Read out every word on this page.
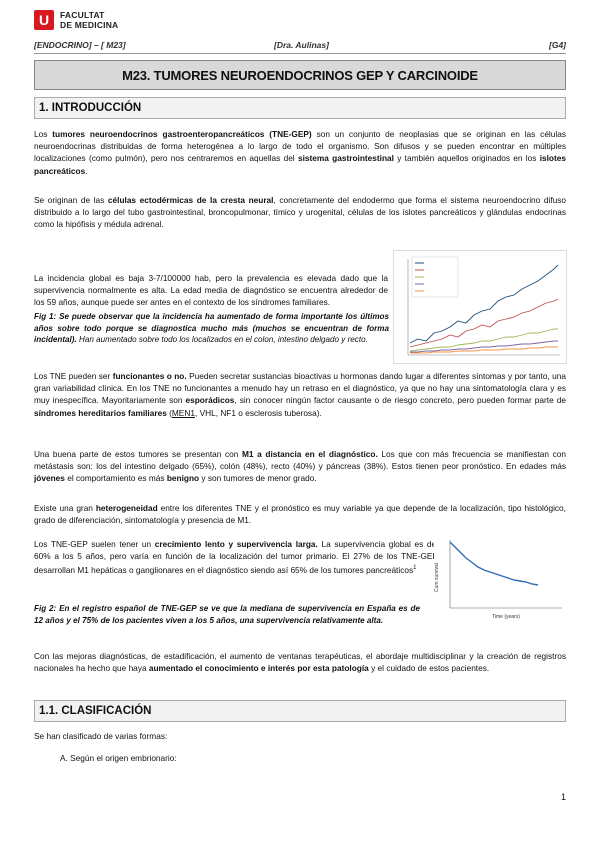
U	FACULTAT
DE MEDICINA
[ENDOCRINO] – [ M23]	[Dra. Aulinas]	[G4]
M23. TUMORES NEUROENDOCRINOS GEP Y CARCINOIDE
1. INTRODUCCIÓN
Los tumores neuroendocrinos gastroenteropancreáticos (TNE-GEP) son un conjunto de neoplasias que se originan en las células neuroendocrinas distribuidas de forma heterogénea a lo largo de todo el organismo. Son difusos y se pueden encontrar en múltiples localizaciones (como pulmón), pero nos centraremos en aquellas del sistema gastrointestinal y también aquellos originados en los islotes pancreáticos.
Se originan de las células ectodérmicas de la cresta neural, concretamente del endodermo que forma el sistema neuroendocrino difuso distribuido a lo largo del tubo gastrointestinal, broncopulmonar, tímico y urogenital, células de los islotes pancreáticos y glándulas endocrinas como la hipófisis y médula adrenal.
La incidencia global es baja 3-7/100000 hab, pero la prevalencia es elevada dado que la supervivencia normalmente es alta. La edad media de diagnóstico se encuentra alrededor de los 59 años, aunque puede ser antes en el contexto de los síndromes familiares.
Fig 1: Se puede observar que la incidencia ha aumentado de forma importante los últimos años sobre todo porque se diagnostica mucho más (muchos se encuentran de forma incidental). Han aumentado sobre todo los localizados en el colon, intestino delgado y recto.
Los TNE pueden ser funcionantes o no. Pueden secretar sustancias bioactivas u hormonas dando lugar a diferentes síntomas y por tanto, una gran variabilidad clínica. En los TNE no funcionantes a menudo hay un retraso en el diagnóstico, ya que no hay una sintomatología clara y es muy inespecífica. Mayoritariamente son esporádicos, sin conocer ningún factor causante o de riesgo concreto, pero pueden formar parte de síndromes hereditarios familiares (MEN1, VHL, NF1 o esclerosis tuberosa).
Una buena parte de estos tumores se presentan con M1 a distancia en el diagnóstico. Los que con más frecuencia se manifiestan con metástasis son: los del intestino delgado (65%), colón (48%), recto (40%) y páncreas (38%). Estos tienen peor pronóstico. En edades más jóvenes el comportamiento es más benigno y son tumores de menor grado.
Existe una gran heterogeneidad entre los diferentes TNE y el pronóstico es muy variable ya que depende de la localización, tipo histológico, grado de diferenciación, sintomatología y presencia de M1.
Los TNE-GEP suelen tener un crecimiento lento y supervivencia larga. La supervivencia global es del 60% a los 5 años, pero varía en función de la localización del tumor primario. El 27% de los TNE-GEP desarrollan M1 hepáticas o ganglionares en el diagnóstico siendo así 65% de los tumores pancreáticos$^1$
Fig 2: En el registro español de TNE-GEP se ve que la mediana de supervivencia en España es de 12 años y el 75% de los pacientes viven a los 5 años, una supervivencia relativamente alta.
Cum survival
Time (years)
Con las mejoras diagnósticas, de estadificación, el aumento de ventanas terapéuticas, el abordaje multidisciplinar y la creación de registros nacionales ha hecho que haya aumentado el conocimiento e interés por esta patología y el cuidado de estos pacientes.
1.1. CLASIFICACIÓN
Se han clasificado de varias formas:
A. Según el origen embrionario:
1
